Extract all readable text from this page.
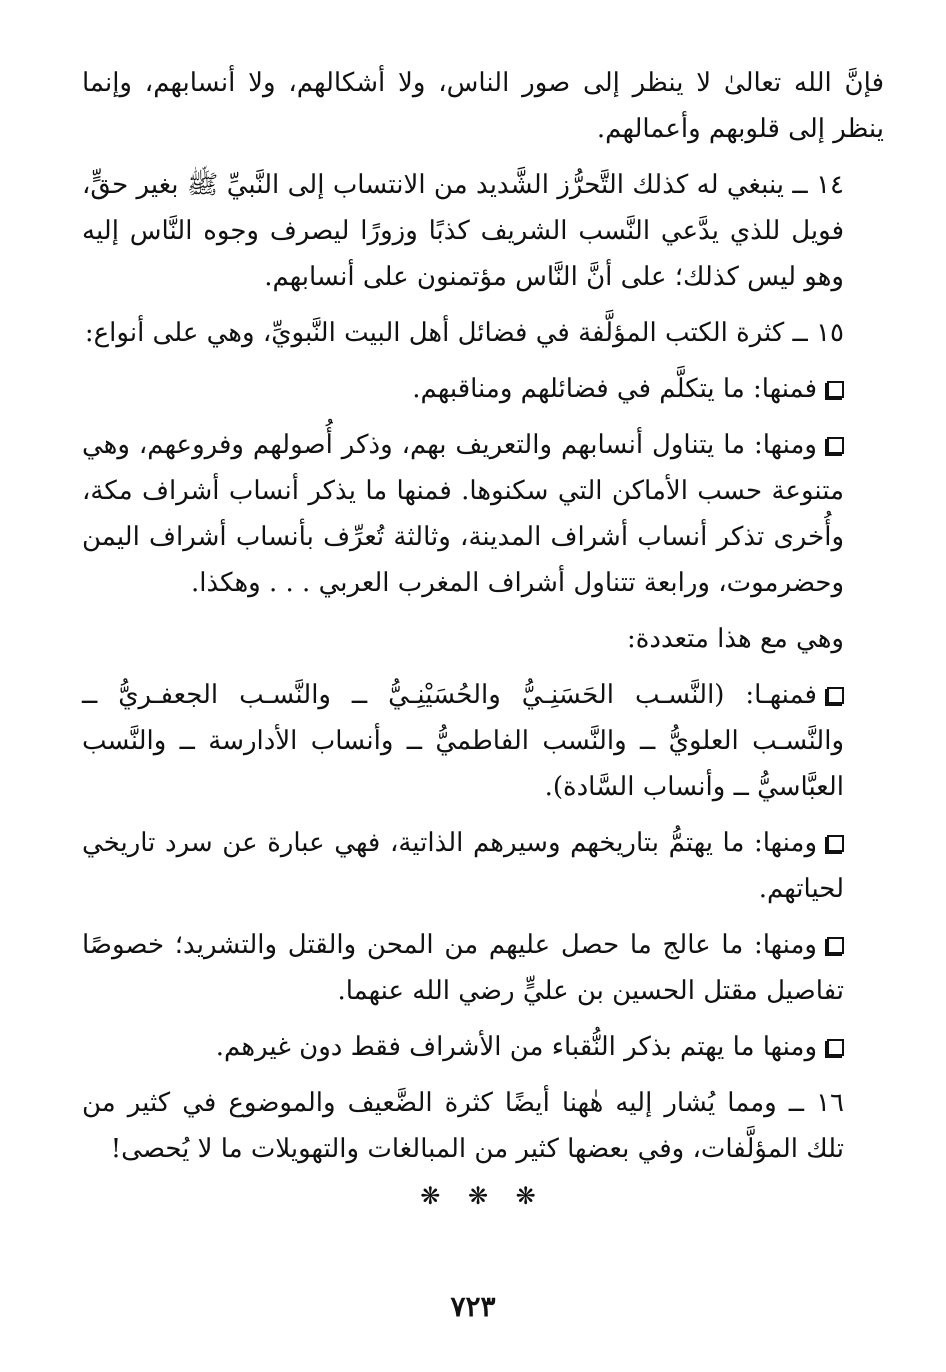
فإنَّ الله تعالىٰ لا ينظر إلى صور الناس، ولا أشكالهم، ولا أنسابهم، وإنما ينظر إلى قلوبهم وأعمالهم.

١٤ ــ ينبغي له كذلك التَّحرُّز الشَّديد من الانتساب إلى النَّبيِّ ﷺ بغير حقٍّ، فويل للذي يدَّعي النَّسب الشريف كذبًا وزورًا ليصرف وجوه النَّاس إليه وهو ليس كذلك؛ على أنَّ النَّاس مؤتمنون على أنسابهم.

١٥ ــ كثرة الكتب المؤلَّفة في فضائل أهل البيت النَّبويِّ، وهي على أنواع:

فمنها: ما يتكلَّم في فضائلهم ومناقبهم.

ومنها: ما يتناول أنسابهم والتعريف بهم، وذكر أُصولهم وفروعهم، وهي متنوعة حسب الأماكن التي سكنوها. فمنها ما يذكر أنساب أشراف مكة، وأُخرى تذكر أنساب أشراف المدينة، وثالثة تُعرِّف بأنساب أشراف اليمن وحضرموت، ورابعة تتناول أشراف المغرب العربي . . . وهكذا.

وهي مع هذا متعددة:

فمنهـا: (النَّسـب الحَسَنِـيُّ والحُسَيْنِـيُّ ــ والنَّسـب الجعفـريُّ ــ والنَّسـب العلويُّ ــ والنَّسب الفاطميُّ ــ وأنساب الأدارسة ــ والنَّسب العبَّاسيُّ ــ وأنساب السَّادة).

ومنها: ما يهتمُّ بتاريخهم وسيرهم الذاتية، فهي عبارة عن سرد تاريخي لحياتهم.

ومنها: ما عالج ما حصل عليهم من المحن والقتل والتشريد؛ خصوصًا تفاصيل مقتل الحسين بن عليٍّ رضي الله عنهما.

ومنها ما يهتم بذكر النُّقباء من الأشراف فقط دون غيرهم.

١٦ ــ ومما يُشار إليه هٰهنا أيضًا كثرة الضَّعيف والموضوع في كثير من تلك المؤلَّفات، وفي بعضها كثير من المبالغات والتهويلات ما لا يُحصى!

❋ ❋ ❋
٧٢٣
